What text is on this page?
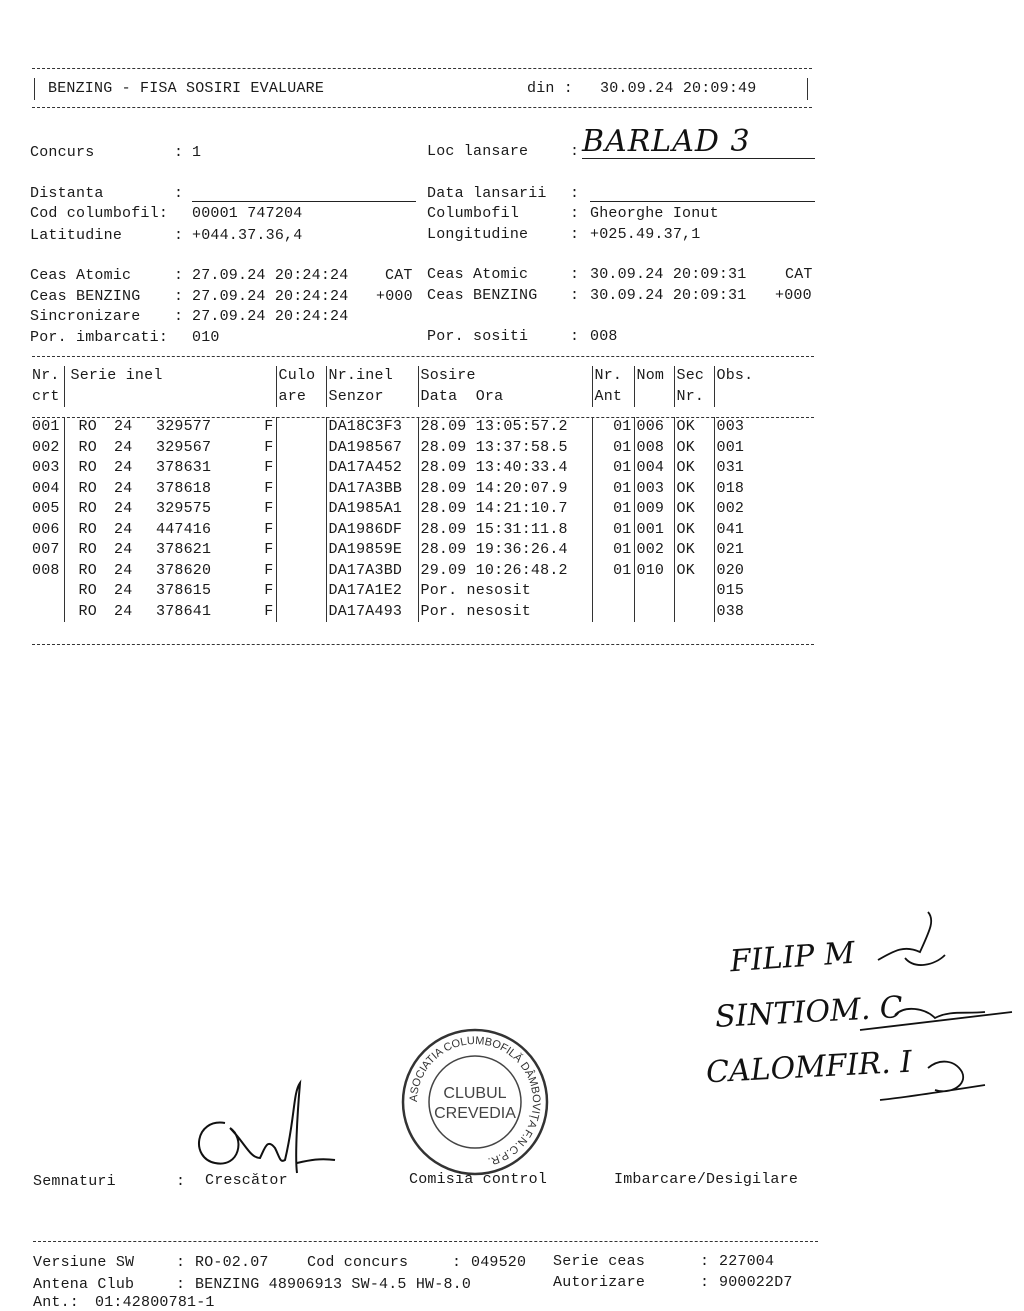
BENZING - FISA SOSIRI EVALUARE	din : 30.09.24 20:09:49
Concurs	: 1
Distanta	:
Cod columbofil: 00001 747204
Latitudine	: +044.37.36,4
Ceas Atomic	: 27.09.24 20:24:24 CAT
Ceas BENZING : 27.09.24 20:24:24 +000
Sincronizare : 27.09.24 20:24:24
Por. imbarcati: 010
Loc lansare	: BARLAD 3
Data lansarii :
Columbofil	: Gheorghe Ionut
Longitudine	: +025.49.37,1
Ceas Atomic	: 30.09.24 20:09:31	CAT
Ceas BENZING : 30.09.24 20:09:31 +000
Por. sositi	: 008
Nr.	Serie inel				Culo	Nr.inel	Sosire	Nr.	Nom	Sec	Obs.
crt					are	Senzor	Data Ora	Ant		Nr.	

001	RO	24	329577	F		DA18C3F3	28.09 13:05:57.2	01	006	OK	003
002	RO	24	329567	F		DA198567	28.09 13:37:58.5	01	008	OK	001
003	RO	24	378631	F		DA17A452	28.09 13:40:33.4	01	004	OK	031
004	RO	24	378618	F		DA17A3BB	28.09 14:20:07.9	01	003	OK	018
005	RO	24	329575	F		DA1985A1	28.09 14:21:10.7	01	009	OK	002
006	RO	24	447416	F		DA1986DF	28.09 15:31:11.8	01	001	OK	041
007	RO	24	378621	F		DA19859E	28.09 19:36:26.4	01	002	OK	021
008	RO	24	378620	F		DA17A3BD	29.09 10:26:48.2	01	010	OK	020
	RO	24	378615	F		DA17A1E2	Por. nesosit				015
	RO	24	378641	F		DA17A493	Por. nesosit				038
FILIP M
SINTIOM. C
CALOMFIR. I
ASOCIATIA COLUMBOFILĂ DÂMBOVIȚA F.N.C.P.R.
CLUBUL
CREVEDIA
Semnaturi	: Crescător	Comisia control	Imbarcare/Desigilare
Versiune SW	: RO-02.07	Cod concurs	: 049520 Serie ceas	: 227004
Antena Club	: BENZING 48906913 SW-4.5 HW-8.0	Autorizare	: 900022D7
Ant.: 01:42800781-1
